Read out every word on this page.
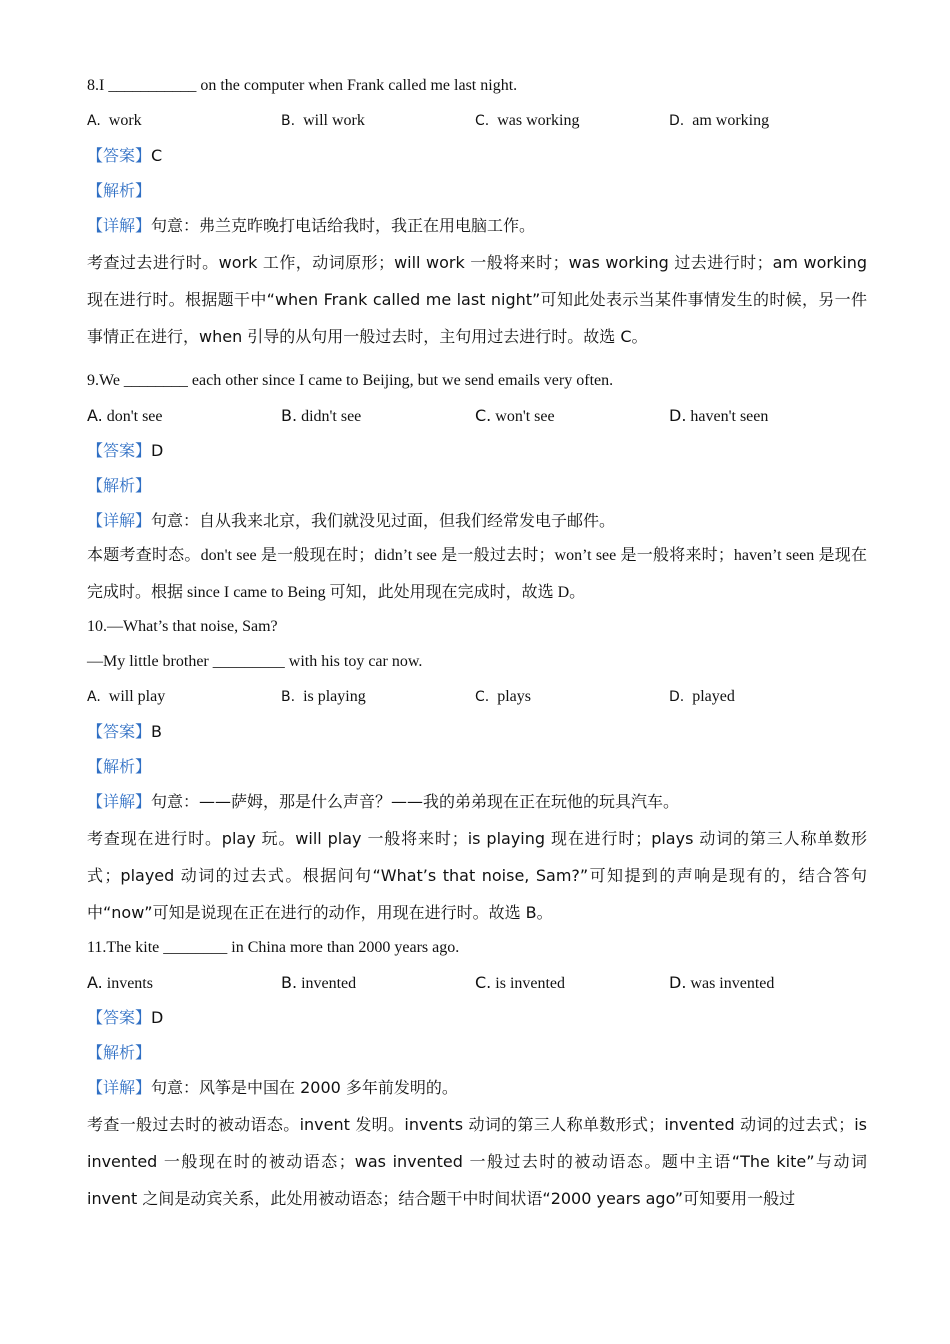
8.I ___________ on the computer when Frank called me last night.
A. work	B. will work	C. was working	D. am working
【答案】C
【解析】
【详解】句意：弗兰克昨晚打电话给我时，我正在用电脑工作。
考查过去进行时。work 工作，动词原形；will work 一般将来时；was working 过去进行时；am working 现在进行时。根据题干中“when Frank called me last night”可知此处表示当某件事情发生的时候，另一件事情正在进行，when 引导的从句用一般过去时，主句用过去进行时。故选 C。
9.We ________ each other since I came to Beijing, but we send emails very often.
A. don't see	B. didn't see	C. won't see	D. haven't seen
【答案】D
【解析】
【详解】句意：自从我来北京，我们就没见过面，但我们经常发电子邮件。
本题考查时态。don't see 是一般现在时；didn’t see 是一般过去时；won’t see 是一般将来时；haven’t seen 是现在完成时。根据 since I came to Being 可知，此处用现在完成时，故选 D。
10.—What’s that noise, Sam?
—My little brother _________ with his toy car now.
A. will play	B. is playing	C. plays	D. played
【答案】B
【解析】
【详解】句意：——萨姆，那是什么声音？——我的弟弟现在正在玩他的玩具汽车。
考查现在进行时。play 玩。will play 一般将来时；is playing 现在进行时；plays 动词的第三人称单数形式；played 动词的过去式。根据问句“What’s that noise, Sam?”可知提到的声响是现有的，结合答句中“now”可知是说现在正在进行的动作，用现在进行时。故选 B。
11.The kite ________ in China more than 2000 years ago.
A. invents	B. invented	C. is invented	D. was invented
【答案】D
【解析】
【详解】句意：风筝是中国在 2000 多年前发明的。
考查一般过去时的被动语态。invent 发明。invents 动词的第三人称单数形式；invented 动词的过去式；is invented 一般现在时的被动语态；was invented 一般过去时的被动语态。题中主语“The kite”与动词 invent 之间是动宾关系，此处用被动语态；结合题干中时间状语“2000 years ago”可知要用一般过
